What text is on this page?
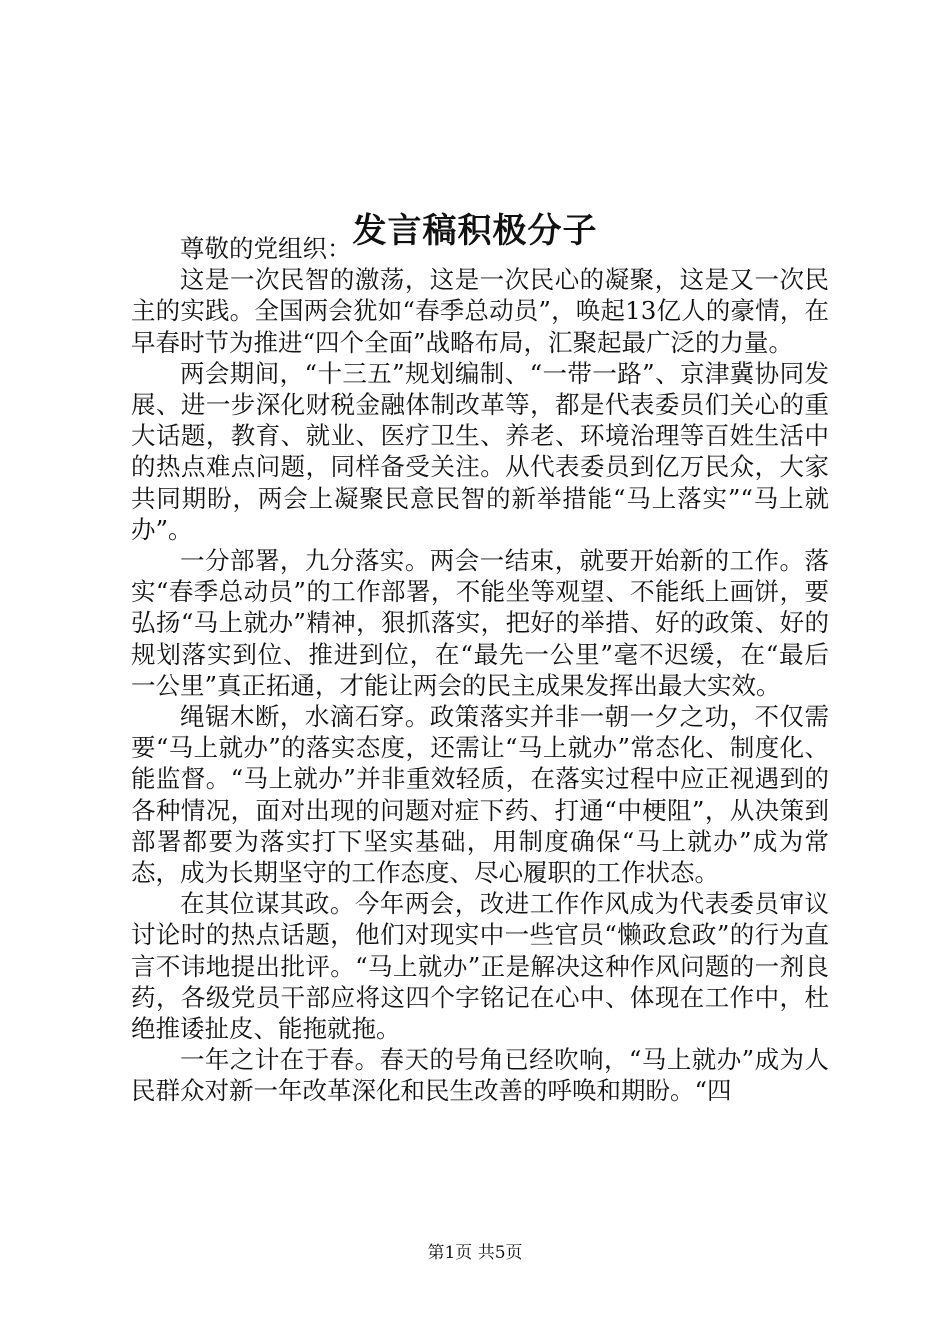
发言稿积极分子

尊敬的党组织：

这是一次民智的激荡，这是一次民心的凝聚，这是又一次民主的实践。全国两会犹如“春季总动员”，唤起13亿人的豪情，在早春时节为推进“四个全面”战略布局，汇聚起最广泛的力量。

两会期间，“十三五”规划编制、“一带一路”、京津冀协同发展、进一步深化财税金融体制改革等，都是代表委员们关心的重大话题，教育、就业、医疗卫生、养老、环境治理等百姓生活中的热点难点问题，同样备受关注。从代表委员到亿万民众，大家共同期盼，两会上凝聚民意民智的新举措能“马上落实”“马上就办”。

一分部署，九分落实。两会一结束，就要开始新的工作。落实“春季总动员”的工作部署，不能坐等观望、不能纸上画饼，要弘扬“马上就办”精神，狠抓落实，把好的举措、好的政策、好的规划落实到位、推进到位，在“最先一公里”毫不迟缓，在“最后一公里”真正拓通，才能让两会的民主成果发挥出最大实效。

绳锯木断，水滴石穿。政策落实并非一朝一夕之功，不仅需要“马上就办”的落实态度，还需让“马上就办”常态化、制度化、能监督。“马上就办”并非重效轻质，在落实过程中应正视遇到的各种情况，面对出现的问题对症下药、打通“中梗阻”，从决策到部署都要为落实打下坚实基础，用制度确保“马上就办”成为常态，成为长期坚守的工作态度、尽心履职的工作状态。

在其位谋其政。今年两会，改进工作作风成为代表委员审议讨论时的热点话题，他们对现实中一些官员“懒政怠政”的行为直言不讳地提出批评。“马上就办”正是解决这种作风问题的一剂良药，各级党员干部应将这四个字铭记在心中、体现在工作中，杜绝推诿扯皮、能拖就拖。

一年之计在于春。春天的号角已经吹响，“马上就办”成为人民群众对新一年改革深化和民生改善的呼唤和期盼。“四

第1页 共5页
